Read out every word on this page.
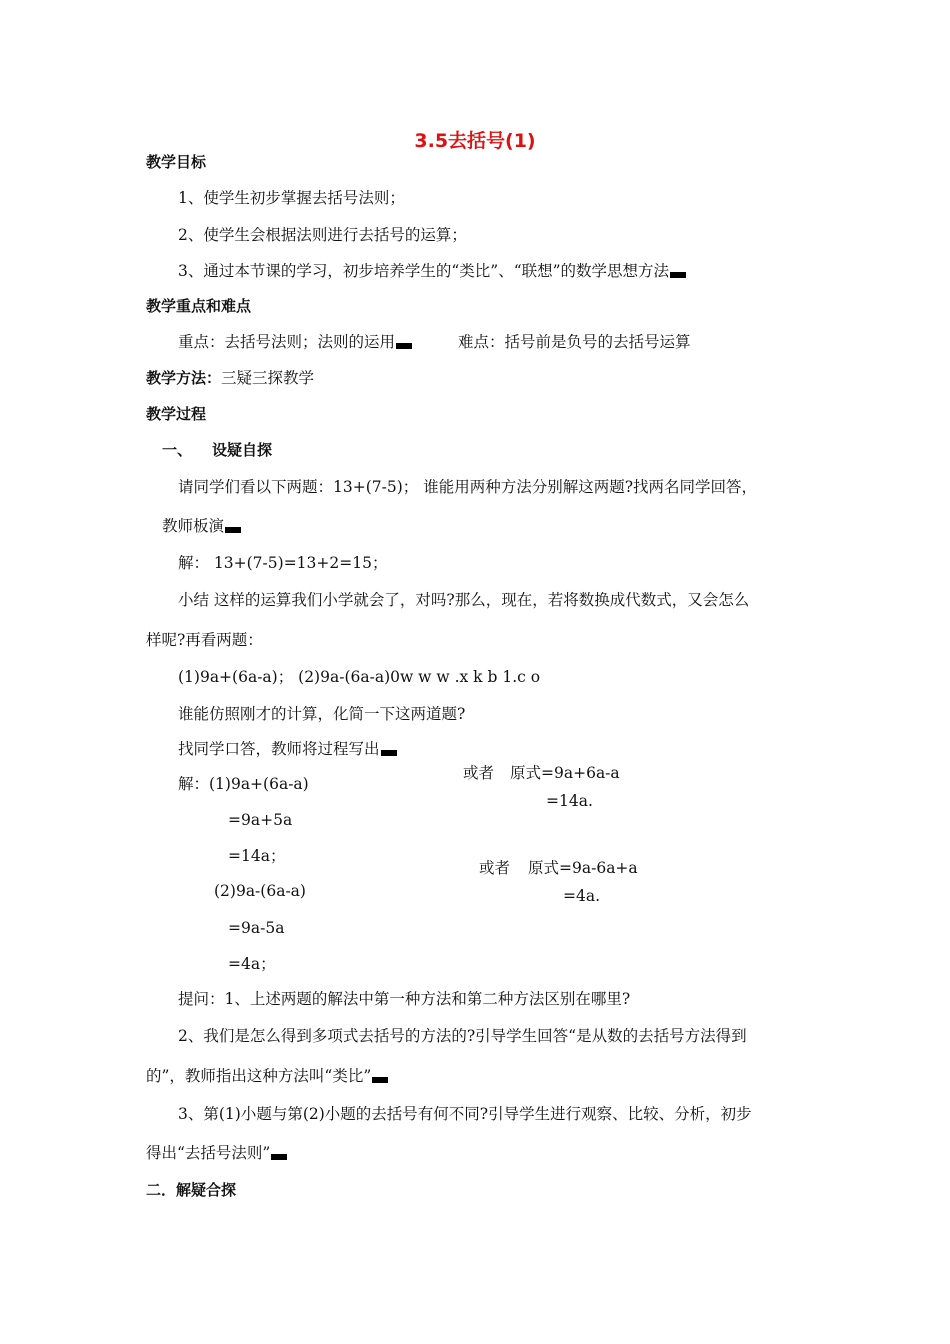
3.5去括号(1)
教学目标
1、使学生初步掌握去括号法则；
2、使学生会根据法则进行去括号的运算；
3、通过本节课的学习，初步培养学生的“类比”、“联想”的数学思想方法
教学重点和难点
重点：去括号法则；法则的运用	难点：括号前是负号的去括号运算
教学方法：三疑三探教学
教学过程
一、 设疑自探
请同学们看以下两题：13+(7-5)； 谁能用两种方法分别解这两题?找两名同学回答，
教师板演
解： 13+(7-5)=13+2=15；
小结 这样的运算我们小学就会了，对吗?那么，现在，若将数换成代数式，又会怎么
样呢?再看两题：
(1)9a+(6a-a)； (2)9a-(6a-a)0w w w .x k b 1.c o
谁能仿照刚才的计算，化简一下这两道题?
找同学口答，教师将过程写出
解：(1)9a+(6a-a)
=9a+5a
=14a；
(2)9a-(6a-a)
=9a-5a
=4a；
或者 原式=9a+6a-a
=14a.
或者 原式=9a-6a+a
=4a.
提问：1、上述两题的解法中第一种方法和第二种方法区别在哪里?
2、我们是怎么得到多项式去括号的方法的?引导学生回答“是从数的去括号方法得到
的”，教师指出这种方法叫“类比”
3、第(1)小题与第(2)小题的去括号有何不同?引导学生进行观察、比较、分析，初步
得出“去括号法则”
二．解疑合探
